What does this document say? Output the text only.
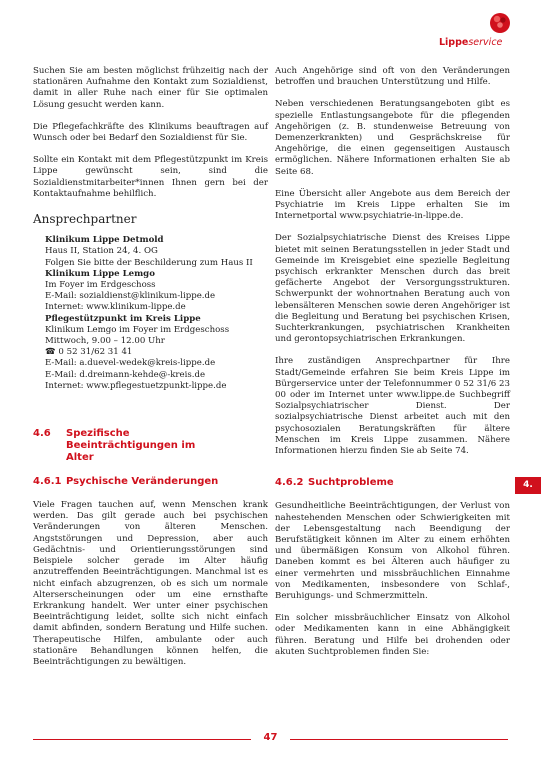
Lippeservice

Suchen Sie am besten möglichst frühzeitig nach der stationären Aufnahme den Kontakt zum Sozialdienst, damit in aller Ruhe nach einer für Sie optimalen Lösung gesucht werden kann.

Die Pflegefachkräfte des Klinikums beauftragen auf Wunsch oder bei Bedarf den Sozialdienst für Sie.

Sollte ein Kontakt mit dem Pflegestützpunkt im Kreis Lippe gewünscht sein, sind die Sozialdienstmitarbeiter*innen Ihnen gern bei der Kontaktaufnahme behilflich.

Ansprechpartner
Klinikum Lippe Detmold
Haus II, Station 24, 4. OG
Folgen Sie bitte der Beschilderung zum Haus II
Klinikum Lippe Lemgo
Im Foyer im Erdgeschoss
E-Mail: sozialdienst@klinikum-lippe.de
Internet: www.klinikum-lippe.de
Pflegestützpunkt im Kreis Lippe
Klinikum Lemgo im Foyer im Erdgeschoss
Mittwoch, 9.00 – 12.00 Uhr
☎ 0 52 31/62 31 41
E-Mail: a.duevel-wedek@kreis-lippe.de
E-Mail: d.dreimann-kehde@-kreis.de
Internet: www.pflegestuetzpunkt-lippe.de
4.6	Spezifische Beeinträchtigungen im Alter
4.6.1 Psychische Veränderungen

Viele Fragen tauchen auf, wenn Menschen krank werden. Das gilt gerade auch bei psychischen Veränderungen von älteren Menschen. Angststörungen und Depression, aber auch Gedächtnis- und Orientierungsstörungen sind Beispiele solcher gerade im Alter häufig anzutreffenden Beeinträchtigungen. Manchmal ist es nicht einfach abzugrenzen, ob es sich um normale Alterserscheinungen oder um eine ernsthafte Erkrankung handelt. Wer unter einer psychischen Beeinträchtigung leidet, sollte sich nicht einfach damit abfinden, sondern Beratung und Hilfe suchen. Therapeutische Hilfen, ambulante oder auch stationäre Behandlungen können helfen, die Beeinträchtigungen zu bewältigen.

Auch Angehörige sind oft von den Veränderungen betroffen und brauchen Unterstützung und Hilfe.

Neben verschiedenen Beratungsangeboten gibt es spezielle Entlastungsangebote für die pflegenden Angehörigen (z. B. stundenweise Betreuung von Demenzerkrankten) und Gesprächskreise für Angehörige, die einen gegenseitigen Austausch ermöglichen. Nähere Informationen erhalten Sie ab Seite 68.

Eine Übersicht aller Angebote aus dem Bereich der Psychiatrie im Kreis Lippe erhalten Sie im Internetportal www.psychiatrie-in-lippe.de.

Der Sozialpsychiatrische Dienst des Kreises Lippe bietet mit seinen Beratungsstellen in jeder Stadt und Gemeinde im Kreisgebiet eine spezielle Begleitung psychisch erkrankter Menschen durch das breit gefächerte Angebot der Versorgungsstrukturen. Schwerpunkt der wohnortnahen Beratung auch von lebensälteren Menschen sowie deren Angehöriger ist die Begleitung und Beratung bei psychischen Krisen, Suchterkrankungen, psychiatrischen Krankheiten und gerontopsychiatrischen Erkrankungen.

Ihre zuständigen Ansprechpartner für Ihre Stadt/Gemeinde erfahren Sie beim Kreis Lippe im Bürgerservice unter der Telefonnummer 0 52 31/6 23 00 oder im Internet unter www.lippe.de Suchbegriff Sozialpsychiatrischer Dienst. Der sozialpsychiatrische Dienst arbeitet auch mit den psychosozialen Beratungskräften für ältere Menschen im Kreis Lippe zusammen. Nähere Informationen hierzu finden Sie ab Seite 74.

4.6.2 Suchtprobleme

Gesundheitliche Beeinträchtigungen, der Verlust von nahestehenden Menschen oder Schwierigkeiten mit der Lebensgestaltung nach Beendigung der Berufstätigkeit können im Alter zu einem erhöhten und übermäßigen Konsum von Alkohol führen. Daneben kommt es bei Älteren auch häufiger zu einer vermehrten und missbräuchlichen Einnahme von Medikamenten, insbesondere von Schlaf-, Beruhigungs- und Schmerzmitteln.

Ein solcher missbräuchlicher Einsatz von Alkohol oder Medikamenten kann in eine Abhängigkeit führen. Beratung und Hilfe bei drohenden oder akuten Suchtproblemen finden Sie:

4.
47
